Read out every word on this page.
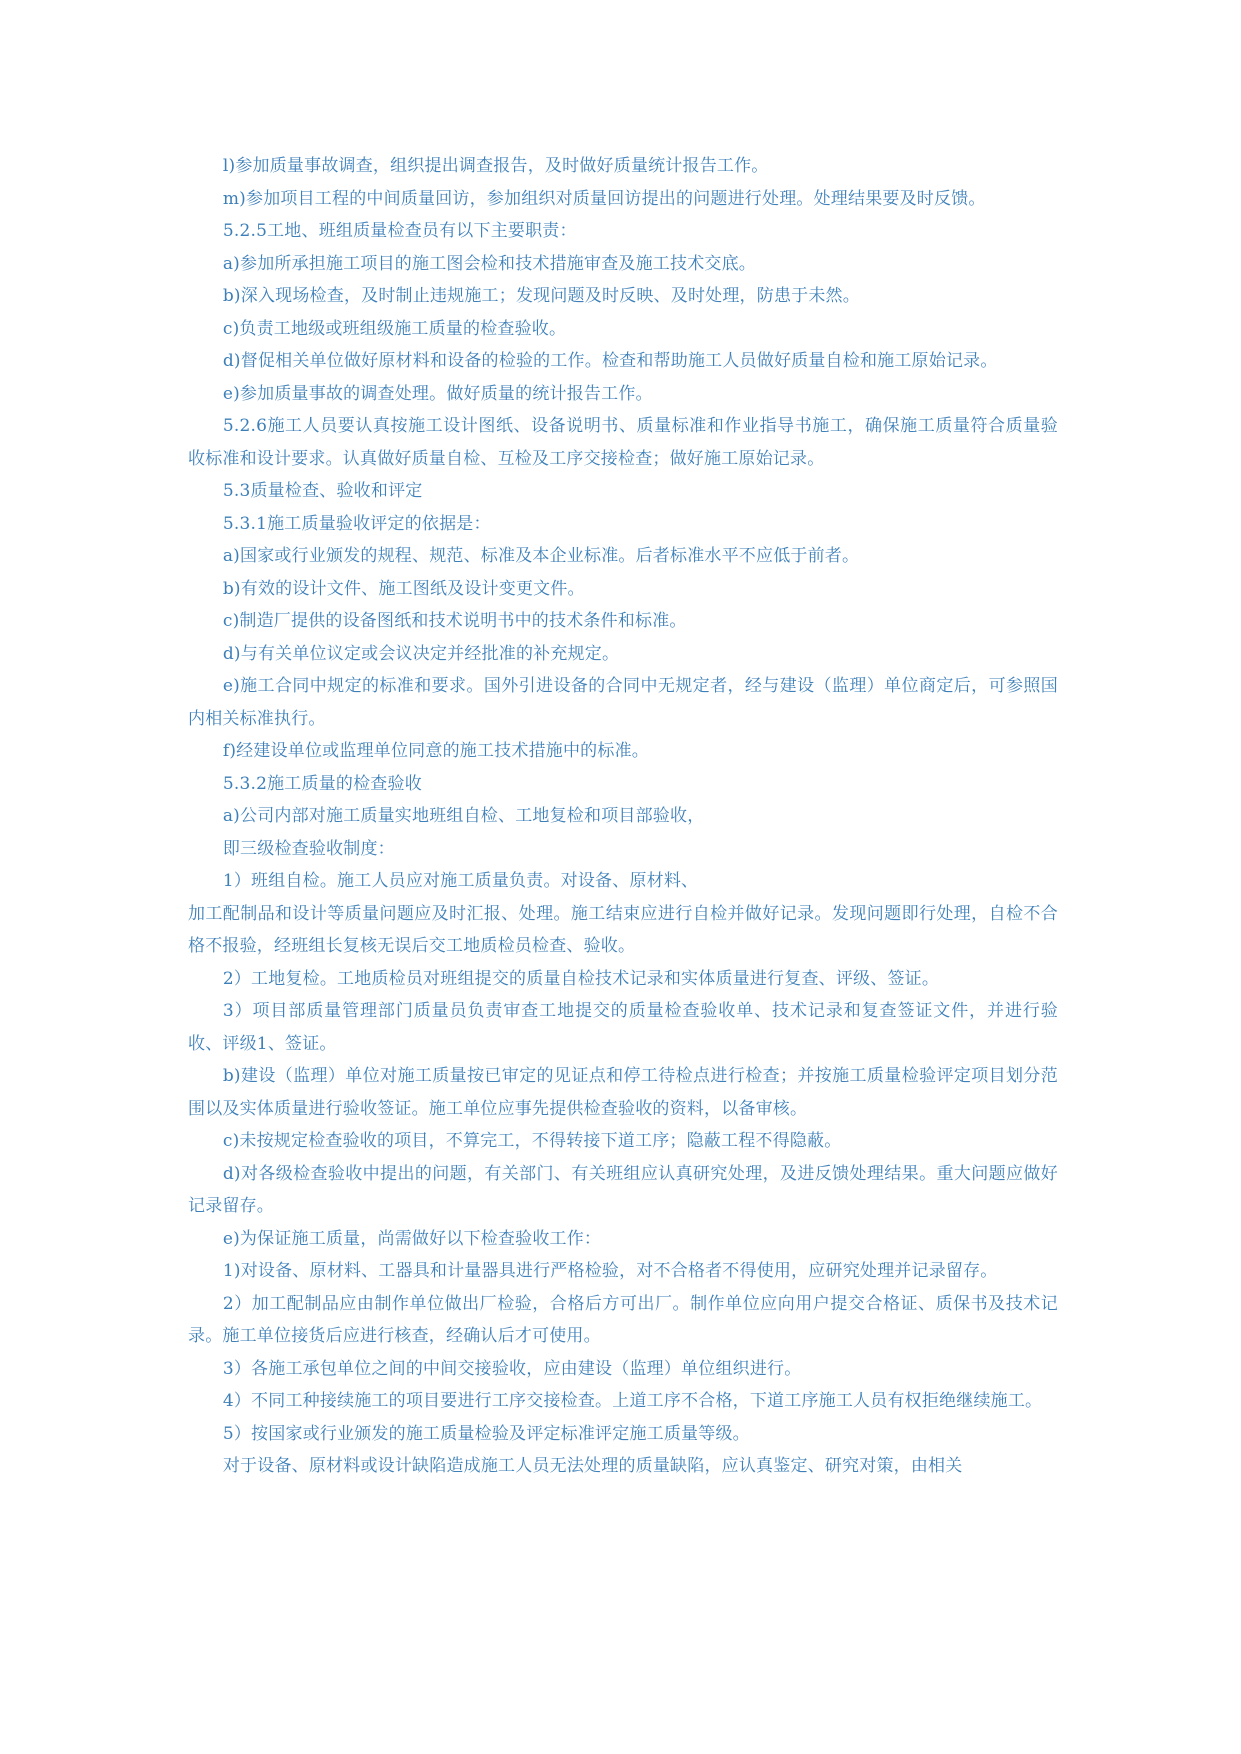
l)参加质量事故调查，组织提出调查报告，及时做好质量统计报告工作。

m)参加项目工程的中间质量回访，参加组织对质量回访提出的问题进行处理。处理结果要及时反馈。

5.2.5工地、班组质量检查员有以下主要职责：

a)参加所承担施工项目的施工图会检和技术措施审查及施工技术交底。

b)深入现场检查，及时制止违规施工；发现问题及时反映、及时处理，防患于未然。

c)负责工地级或班组级施工质量的检查验收。

d)督促相关单位做好原材料和设备的检验的工作。检查和帮助施工人员做好质量自检和施工原始记录。

e)参加质量事故的调查处理。做好质量的统计报告工作。

5.2.6施工人员要认真按施工设计图纸、设备说明书、质量标准和作业指导书施工，确保施工质量符合质量验收标准和设计要求。认真做好质量自检、互检及工序交接检查；做好施工原始记录。

5.3质量检查、验收和评定

5.3.1施工质量验收评定的依据是：

a)国家或行业颁发的规程、规范、标准及本企业标准。后者标准水平不应低于前者。

b)有效的设计文件、施工图纸及设计变更文件。

c)制造厂提供的设备图纸和技术说明书中的技术条件和标准。

d)与有关单位议定或会议决定并经批准的补充规定。

e)施工合同中规定的标准和要求。国外引进设备的合同中无规定者，经与建设（监理）单位商定后，可参照国内相关标准执行。

f)经建设单位或监理单位同意的施工技术措施中的标准。

5.3.2施工质量的检查验收

a)公司内部对施工质量实地班组自检、工地复检和项目部验收，

即三级检查验收制度：

1）班组自检。施工人员应对施工质量负责。对设备、原材料、

加工配制品和设计等质量问题应及时汇报、处理。施工结束应进行自检并做好记录。发现问题即行处理，自检不合格不报验，经班组长复核无误后交工地质检员检查、验收。

2）工地复检。工地质检员对班组提交的质量自检技术记录和实体质量进行复查、评级、签证。

3）项目部质量管理部门质量员负责审查工地提交的质量检查验收单、技术记录和复查签证文件，并进行验收、评级1、签证。

b)建设（监理）单位对施工质量按已审定的见证点和停工待检点进行检查；并按施工质量检验评定项目划分范围以及实体质量进行验收签证。施工单位应事先提供检查验收的资料，以备审核。

c)未按规定检查验收的项目，不算完工，不得转接下道工序；隐蔽工程不得隐蔽。

d)对各级检查验收中提出的问题，有关部门、有关班组应认真研究处理，及进反馈处理结果。重大问题应做好记录留存。

e)为保证施工质量，尚需做好以下检查验收工作：

1)对设备、原材料、工器具和计量器具进行严格检验，对不合格者不得使用，应研究处理并记录留存。

2）加工配制品应由制作单位做出厂检验，合格后方可出厂。制作单位应向用户提交合格证、质保书及技术记录。施工单位接货后应进行核查，经确认后才可使用。

3）各施工承包单位之间的中间交接验收，应由建设（监理）单位组织进行。

4）不同工种接续施工的项目要进行工序交接检查。上道工序不合格，下道工序施工人员有权拒绝继续施工。

5）按国家或行业颁发的施工质量检验及评定标准评定施工质量等级。

对于设备、原材料或设计缺陷造成施工人员无法处理的质量缺陷，应认真鉴定、研究对策，由相关
